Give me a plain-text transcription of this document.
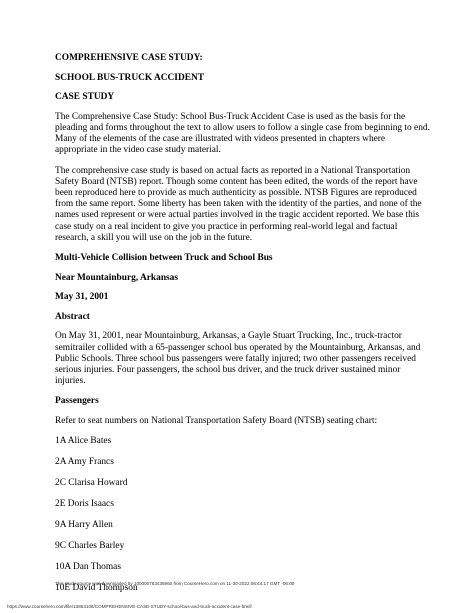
COMPREHENSIVE CASE STUDY:
SCHOOL BUS-TRUCK ACCIDENT
CASE STUDY
The Comprehensive Case Study: School Bus-Truck Accident Case is used as the basis for the pleading and forms throughout the text to allow users to follow a single case from beginning to end. Many of the elements of the case are illustrated with videos presented in chapters where appropriate in the video case study material.
The comprehensive case study is based on actual facts as reported in a National Transportation Safety Board (NTSB) report. Though some content has been edited, the words of the report have been reproduced here to provide as much authenticity as possible. NTSB Figures are reproduced from the same report. Some liberty has been taken with the identity of the parties, and none of the names used represent or were actual parties involved in the tragic accident reported. We base this case study on a real incident to give you practice in performing real-world legal and factual research, a skill you will use on the job in the future.
Multi-Vehicle Collision between Truck and School Bus
Near Mountainburg, Arkansas
May 31, 2001
Abstract
On May 31, 2001, near Mountainburg, Arkansas, a Gayle Stuart Trucking, Inc., truck-tractor semitrailer collided with a 65-passenger school bus operated by the Mountainburg, Arkansas, and Public Schools. Three school bus passengers were fatally injured; two other passengers received serious injuries. Four passengers, the school bus driver, and the truck driver sustained minor injuries.
Passengers
Refer to seat numbers on National Transportation Safety Board (NTSB) seating chart:
1A Alice Bates
2A Amy Francs
2C Clarisa Howard
2E Doris Isaacs
9A Harry Allen
9C Charles Barley
10A Dan Thomas
10E David Thompson
This study source was downloaded by 100000763436960 from CourseHero.com on 11-30-2022 06:44:17 GMT -06:00
https://www.coursehero.com/file/13853108/COMPREHENSIVE-CASE-STUDY-school-bus-and-truck-accident-case-breif/
